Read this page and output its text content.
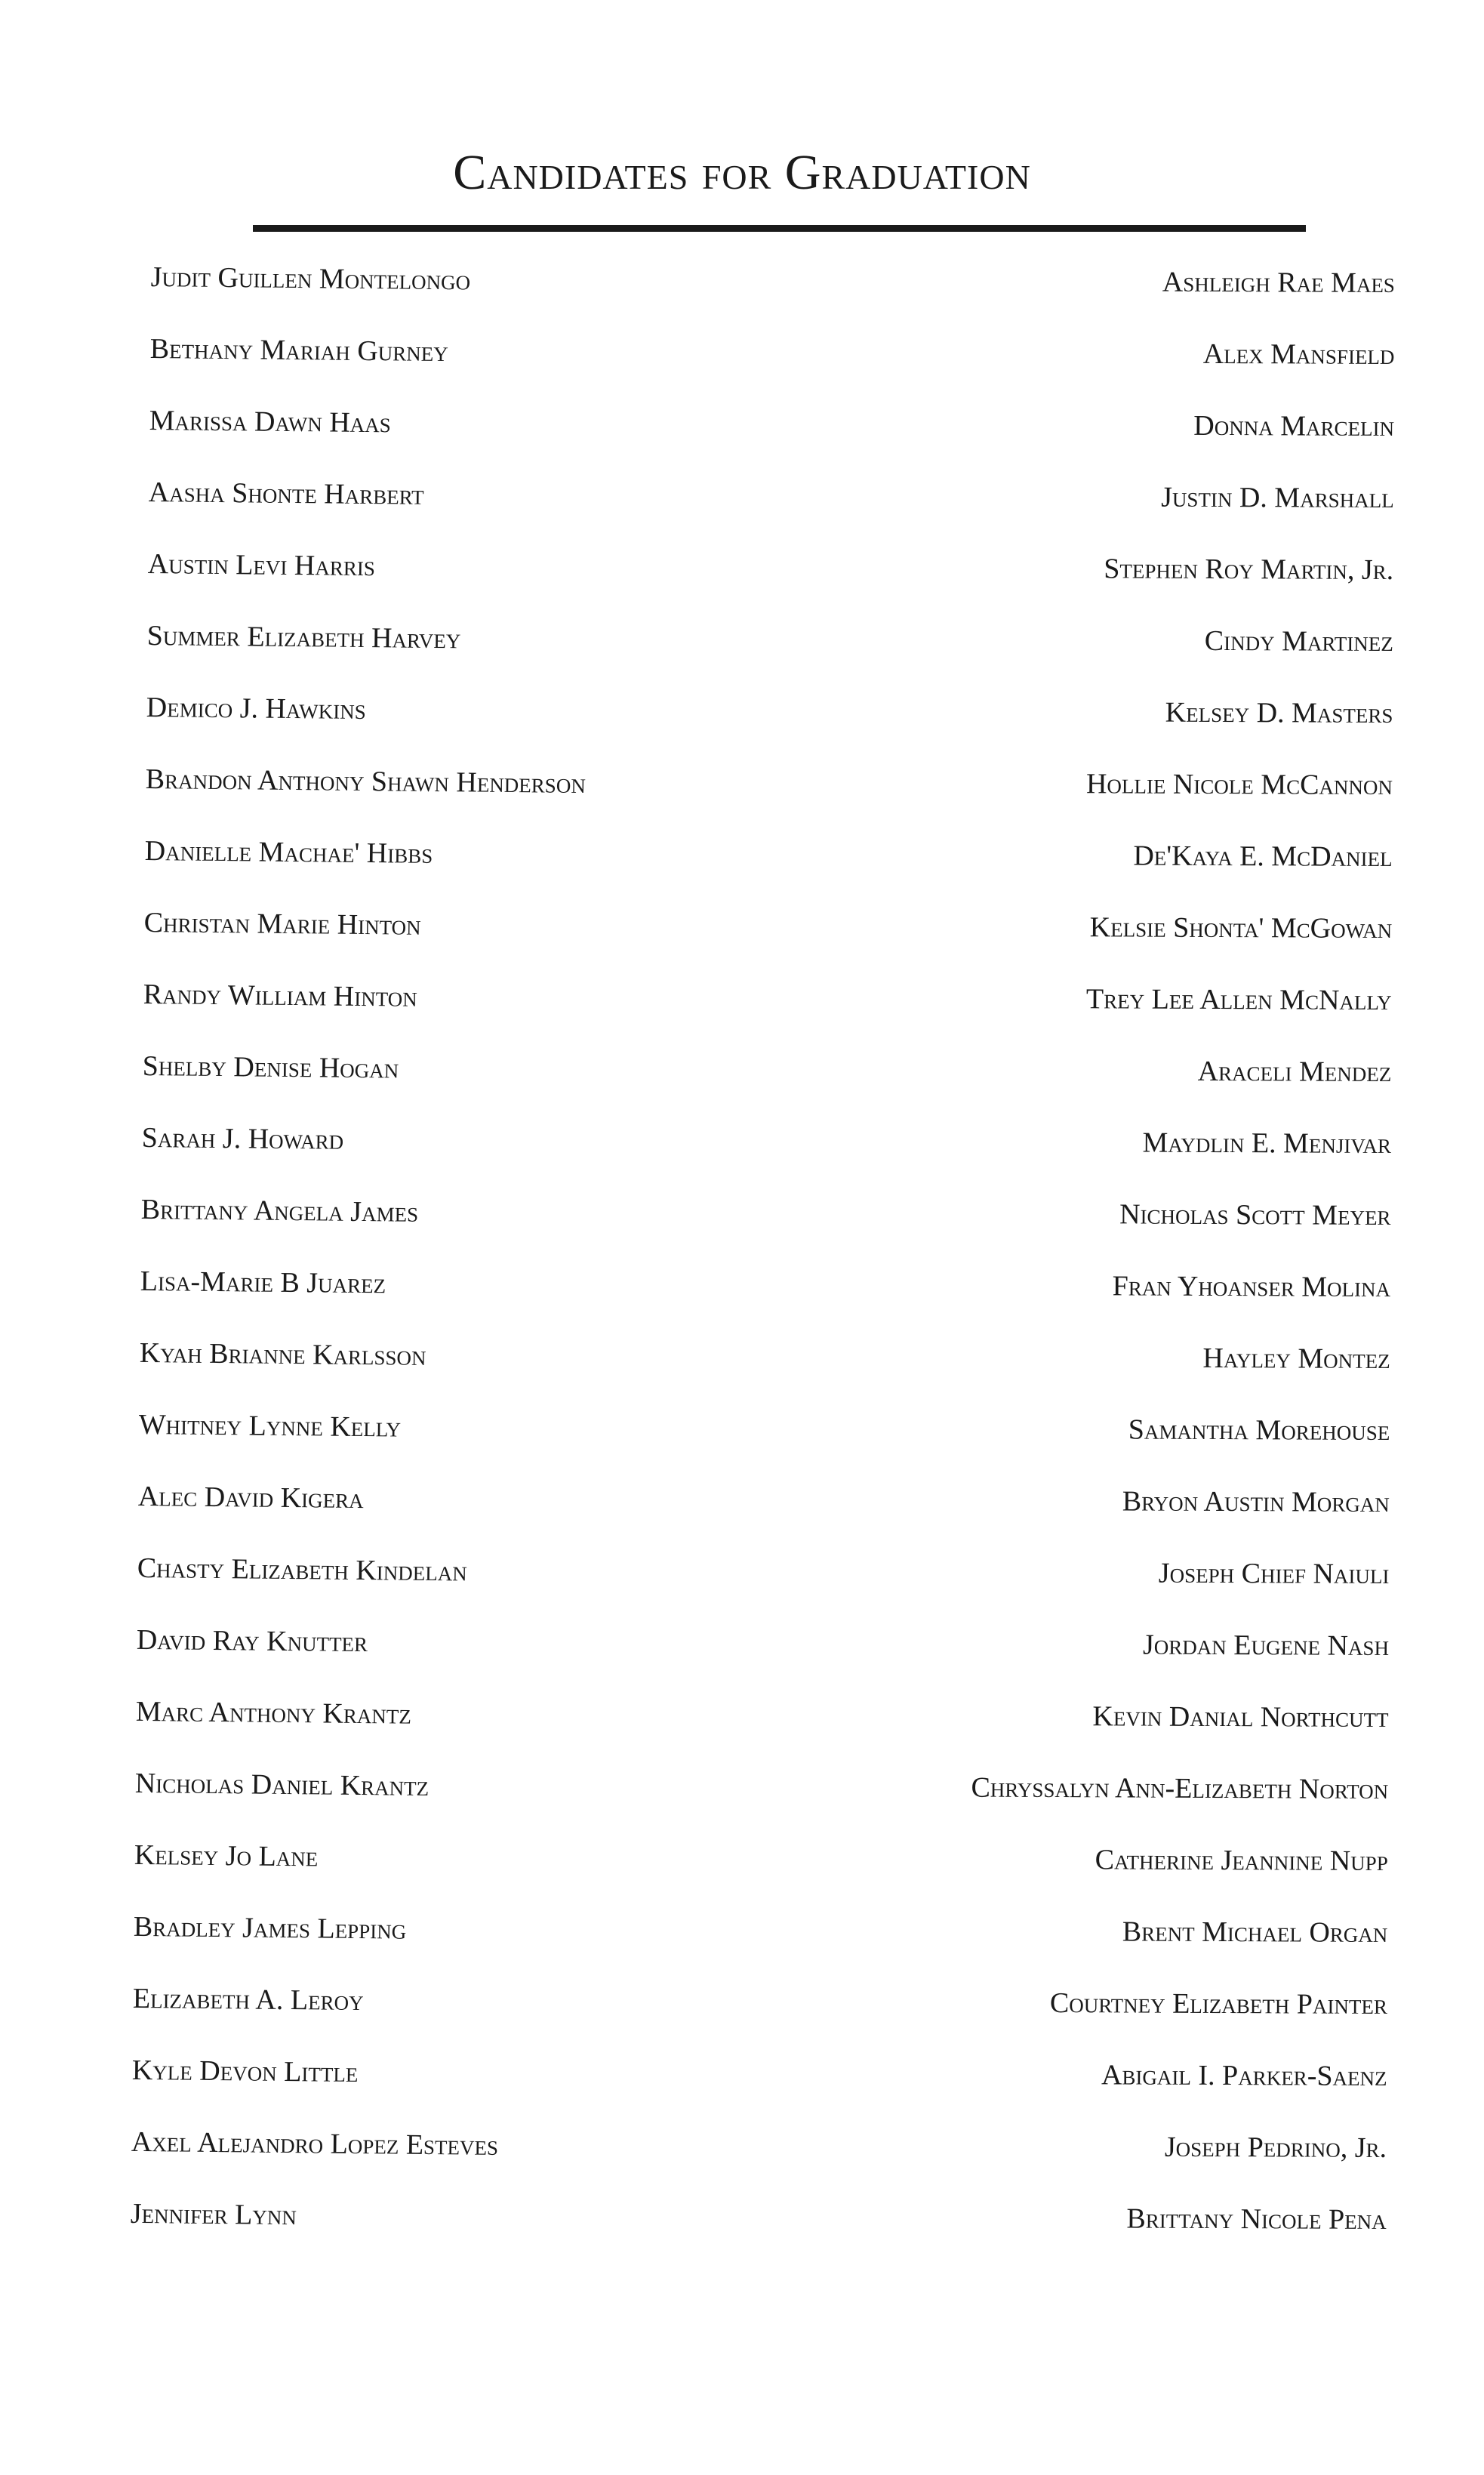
Candidates for Graduation
Judit Guillen Montelongo
Bethany Mariah Gurney
Marissa Dawn Haas
Aasha Shonte Harbert
Austin Levi Harris
Summer Elizabeth Harvey
Demico J. Hawkins
Brandon Anthony Shawn Henderson
Danielle Machae' Hibbs
Christan Marie Hinton
Randy William Hinton
Shelby Denise Hogan
Sarah J. Howard
Brittany Angela James
Lisa-Marie B Juarez
Kyah Brianne Karlsson
Whitney Lynne Kelly
Alec David Kigera
Chasty Elizabeth Kindelan
David Ray Knutter
Marc Anthony Krantz
Nicholas Daniel Krantz
Kelsey Jo Lane
Bradley James Lepping
Elizabeth A. Leroy
Kyle Devon Little
Axel Alejandro Lopez Esteves
Jennifer Lynn
Ashleigh Rae Maes
Alex Mansfield
Donna Marcelin
Justin D. Marshall
Stephen Roy Martin, Jr.
Cindy Martinez
Kelsey D. Masters
Hollie Nicole McCannon
De'Kaya E. McDaniel
Kelsie Shonta' McGowan
Trey Lee Allen McNally
Araceli Mendez
Maydlin E. Menjivar
Nicholas Scott Meyer
Fran Yhoanser Molina
Hayley Montez
Samantha Morehouse
Bryon Austin Morgan
Joseph Chief Naiuli
Jordan Eugene Nash
Kevin Danial Northcutt
Chryssalyn Ann-Elizabeth Norton
Catherine Jeannine Nupp
Brent Michael Organ
Courtney Elizabeth Painter
Abigail I. Parker-Saenz
Joseph Pedrino, Jr.
Brittany Nicole Pena
